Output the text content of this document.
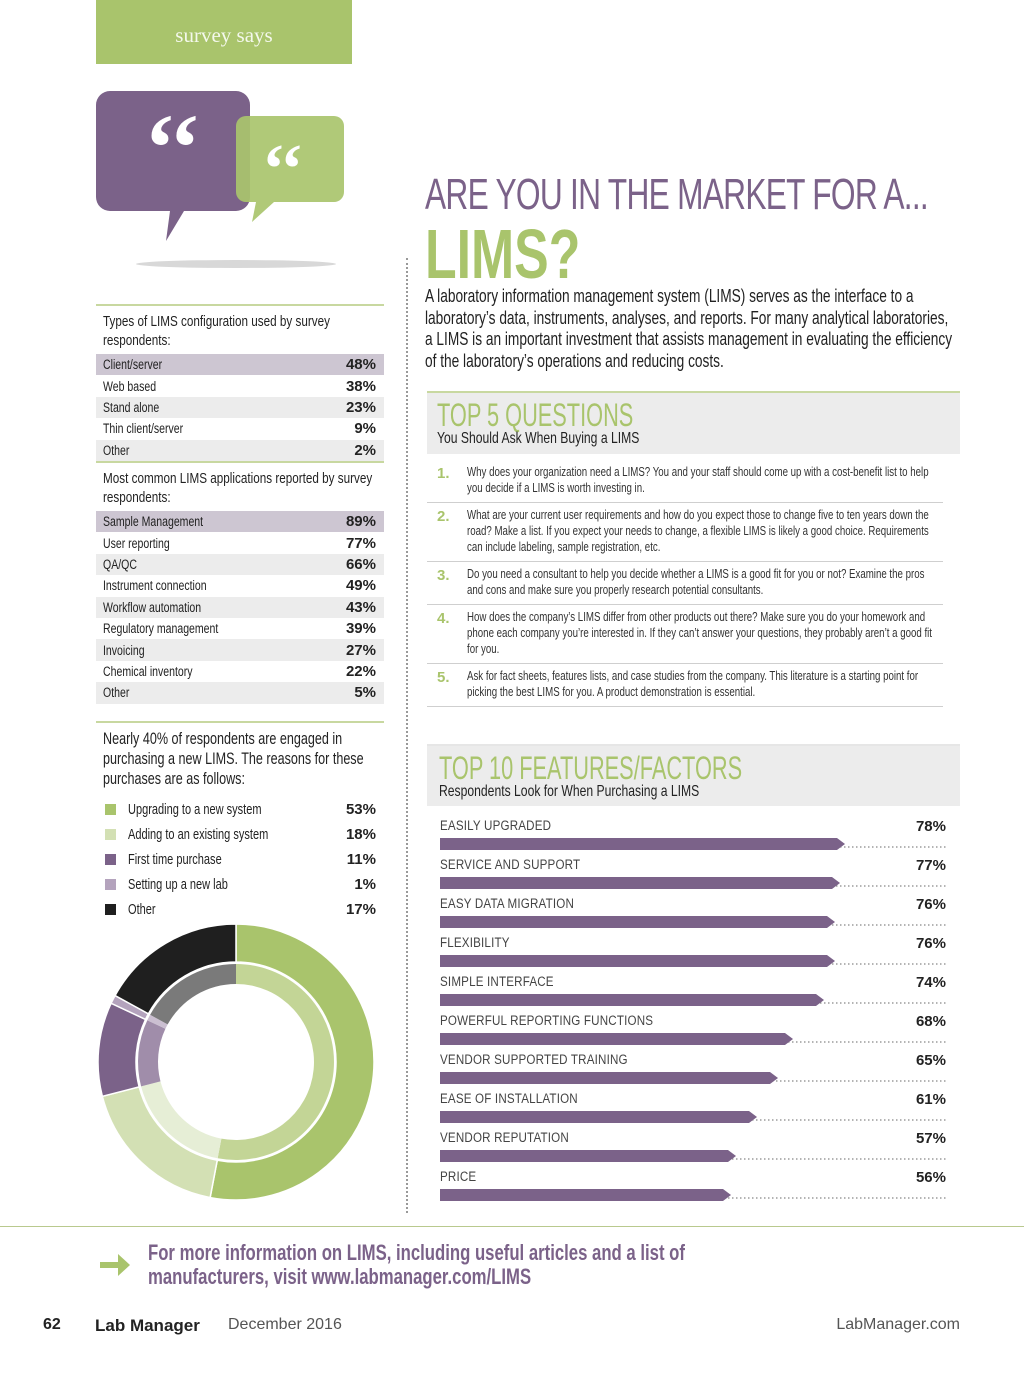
survey says
‘‘ ‘‘	ARE YOU IN THE MARKET FOR A...
LIMS?
A laboratory information management system (LIMS) serves as the interface to a laboratory’s data, instruments, analyses, and reports. For many analytical laboratories, a LIMS is an important investment that assists management in evaluating the efficiency of the laboratory’s operations and reducing costs.
Types of LIMS configuration used by survey respondents:
Client/server	48%
Web based	38%
Stand alone	23%
Thin client/server	9%
Other	2%
Most common LIMS applications reported by survey respondents:
Sample Management	89%
User reporting	77%
QA/QC	66%
Instrument connection	49%
Workflow automation	43%
Regulatory management	39%
Invoicing	27%
Chemical inventory	22%
Other	5%
Nearly 40% of respondents are engaged in purchasing a new LIMS. The reasons for these purchases are as follows:
Upgrading to a new system	53%
Adding to an existing system	18%
First time purchase	11%
Setting up a new lab	1%
Other	17%
TOP 5 QUESTIONS
You Should Ask When Buying a LIMS
1.	Why does your organization need a LIMS? You and your staff should come up with a cost-benefit list to help you decide if a LIMS is worth investing in.
2.	What are your current user requirements and how do you expect those to change five to ten years down the road? Make a list. If you expect your needs to change, a flexible LIMS is likely a good choice. Requirements can include labeling, sample registration, etc.
3.	Do you need a consultant to help you decide whether a LIMS is a good fit for you or not? Examine the pros and cons and make sure you properly research potential consultants.
4.	How does the company’s LIMS differ from other products out there? Make sure you do your homework and phone each company you’re interested in. If they can’t answer your questions, they probably aren’t a good fit for you.
5.	Ask for fact sheets, features lists, and case studies from the company. This literature is a starting point for picking the best LIMS for you. A product demonstration is essential.
TOP 10 FEATURES/FACTORS
Respondents Look for When Purchasing a LIMS
EASILY UPGRADED	78%
SERVICE AND SUPPORT	77%
EASY DATA MIGRATION	76%
FLEXIBILITY	76%
SIMPLE INTERFACE	74%
POWERFUL REPORTING FUNCTIONS	68%
VENDOR SUPPORTED TRAINING	65%
EASE OF INSTALLATION	61%
VENDOR REPUTATION	57%
PRICE	56%
For more information on LIMS, including useful articles and a list of manufacturers, visit www.labmanager.com/LIMS
62 Lab Manager December 2016	LabManager.com
